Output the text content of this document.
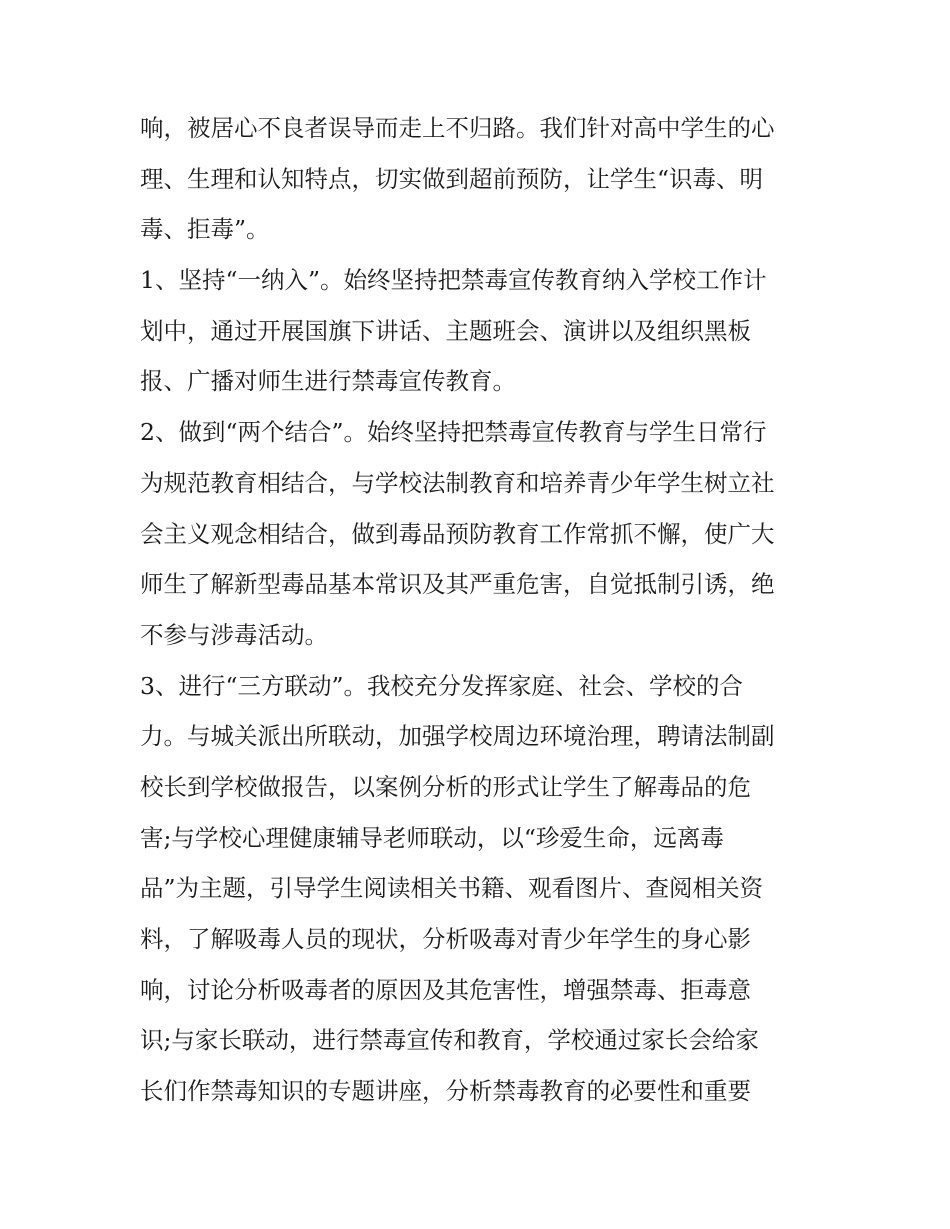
响，被居心不良者误导而走上不归路。我们针对高中学生的心
理、生理和认知特点，切实做到超前预防，让学生“识毒、明
毒、拒毒”。
1、坚持“一纳入”。始终坚持把禁毒宣传教育纳入学校工作计
划中，通过开展国旗下讲话、主题班会、演讲以及组织黑板
报、广播对师生进行禁毒宣传教育。
2、做到“两个结合”。始终坚持把禁毒宣传教育与学生日常行
为规范教育相结合，与学校法制教育和培养青少年学生树立社
会主义观念相结合，做到毒品预防教育工作常抓不懈，使广大
师生了解新型毒品基本常识及其严重危害，自觉抵制引诱，绝
不参与涉毒活动。
3、进行“三方联动”。我校充分发挥家庭、社会、学校的合
力。与城关派出所联动，加强学校周边环境治理，聘请法制副
校长到学校做报告，以案例分析的形式让学生了解毒品的危
害;与学校心理健康辅导老师联动，以“珍爱生命，远离毒
品”为主题，引导学生阅读相关书籍、观看图片、查阅相关资
料，了解吸毒人员的现状，分析吸毒对青少年学生的身心影
响，讨论分析吸毒者的原因及其危害性，增强禁毒、拒毒意
识;与家长联动，进行禁毒宣传和教育，学校通过家长会给家
长们作禁毒知识的专题讲座，分析禁毒教育的必要性和重要
